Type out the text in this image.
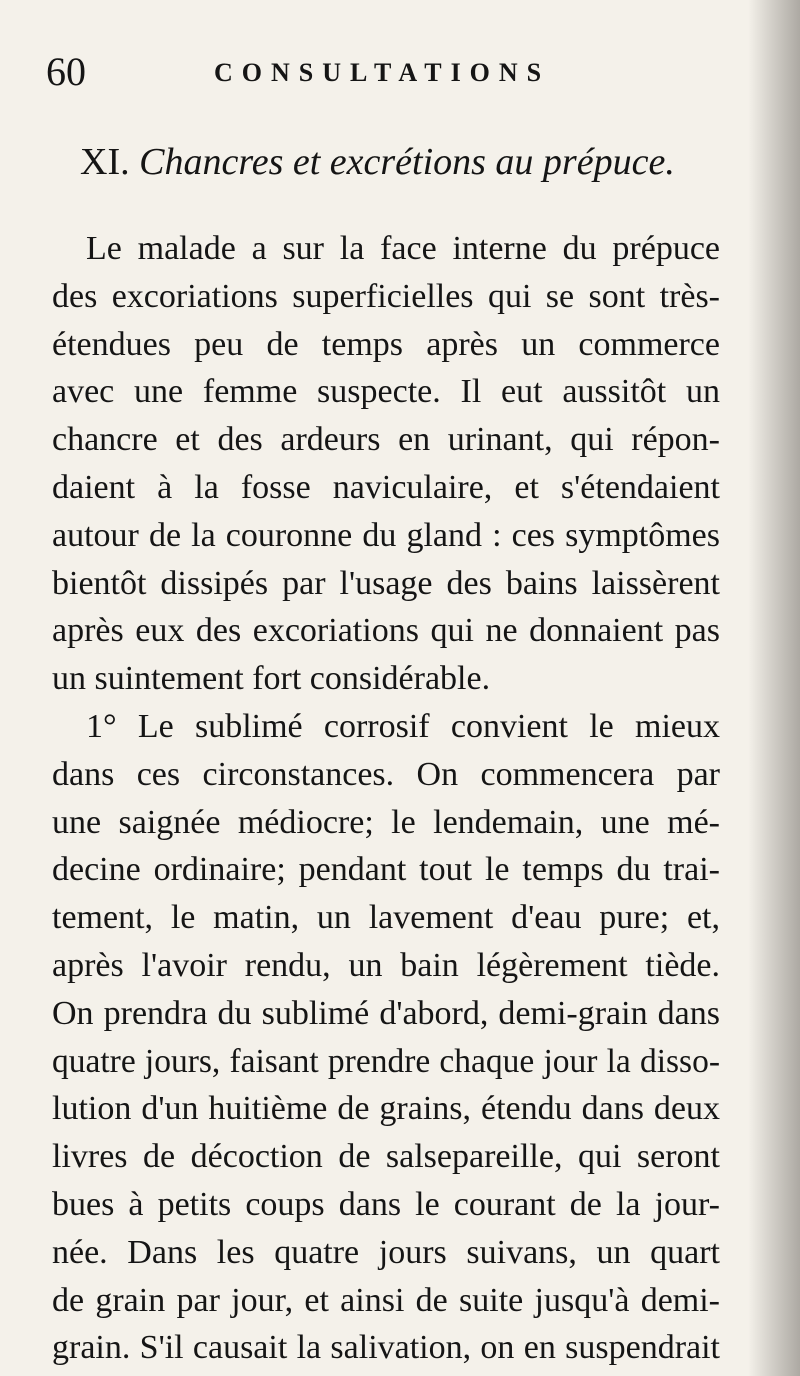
60	CONSULTATIONS
XI. Chancres et excrétions au prépuce.
Le malade a sur la face interne du prépuce
des excoriations superficielles qui se sont très-
étendues peu de temps après un commerce
avec une femme suspecte. Il eut aussitôt un
chancre et des ardeurs en urinant, qui répon-
daient à la fosse naviculaire, et s'étendaient
autour de la couronne du gland : ces symptômes
bientôt dissipés par l'usage des bains laissèrent
après eux des excoriations qui ne donnaient pas
un suintement fort considérable.
1° Le sublimé corrosif convient le mieux
dans ces circonstances. On commencera par
une saignée médiocre; le lendemain, une mé-
decine ordinaire; pendant tout le temps du trai-
tement, le matin, un lavement d'eau pure; et,
après l'avoir rendu, un bain légèrement tiède.
On prendra du sublimé d'abord, demi-grain dans
quatre jours, faisant prendre chaque jour la disso-
lution d'un huitième de grains, étendu dans deux
livres de décoction de salsepareille, qui seront
bues à petits coups dans le courant de la jour-
née. Dans les quatre jours suivans, un quart
de grain par jour, et ainsi de suite jusqu'à demi-
grain. S'il causait la salivation, on en suspendrait
